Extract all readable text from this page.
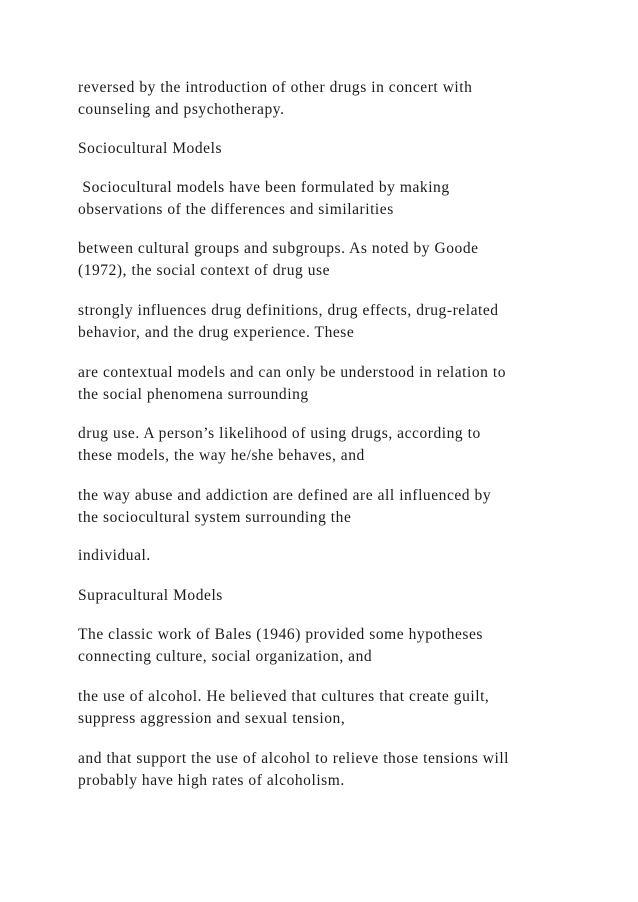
reversed by the introduction of other drugs in concert with
counseling and psychotherapy.

Sociocultural Models

Sociocultural models have been formulated by making
observations of the differences and similarities

between cultural groups and subgroups. As noted by Goode
(1972), the social context of drug use

strongly influences drug definitions, drug effects, drug-related
behavior, and the drug experience. These

are contextual models and can only be understood in relation to
the social phenomena surrounding

drug use. A person’s likelihood of using drugs, according to
these models, the way he/she behaves, and

the way abuse and addiction are defined are all influenced by
the sociocultural system surrounding the

individual.

Supracultural Models

The classic work of Bales (1946) provided some hypotheses
connecting culture, social organization, and

the use of alcohol. He believed that cultures that create guilt,
suppress aggression and sexual tension,

and that support the use of alcohol to relieve those tensions will
probably have high rates of alcoholism.
